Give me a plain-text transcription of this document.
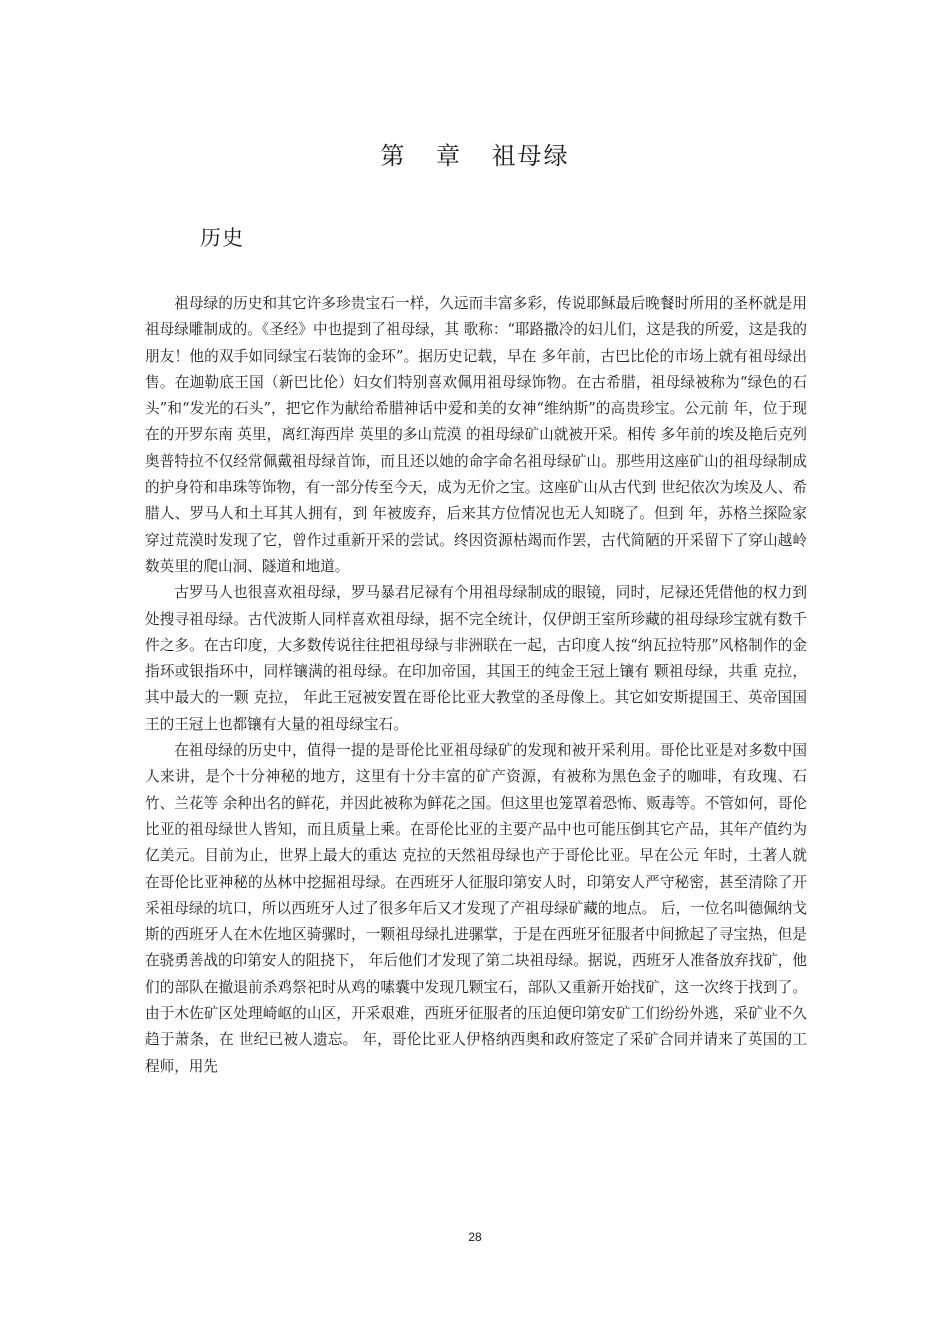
第 章 祖母绿
历史

祖母绿的历史和其它许多珍贵宝石一样，久远而丰富多彩，传说耶稣最后晚餐时所用的圣杯就是用祖母绿雕制成的。《圣经》中也提到了祖母绿，其 歌称：“耶路撒冷的妇儿们，这是我的所爱，这是我的朋友！他的双手如同绿宝石装饰的金环”。据历史记载，早在 多年前，古巴比伦的市场上就有祖母绿出售。在迦勒底王国（新巴比伦）妇女们特别喜欢佩用祖母绿饰物。在古希腊，祖母绿被称为“绿色的石头”和“发光的石头”，把它作为献给希腊神话中爱和美的女神“维纳斯”的高贵珍宝。公元前 年，位于现在的开罗东南 英里，离红海西岸 英里的多山荒漠 的祖母绿矿山就被开采。相传 多年前的埃及艳后克列奥普特拉不仅经常佩戴祖母绿首饰，而且还以她的命字命名祖母绿矿山。那些用这座矿山的祖母绿制成的护身符和串珠等饰物，有一部分传至今天，成为无价之宝。这座矿山从古代到 世纪依次为埃及人、希腊人、罗马人和土耳其人拥有，到 年被废弃，后来其方位情况也无人知晓了。但到 年，苏格兰探险家穿过荒漠时发现了它，曾作过重新开采的尝试。终因资源枯竭而作罢，古代简陋的开采留下了穿山越岭数英里的爬山洞、隧道和地道。

古罗马人也很喜欢祖母绿，罗马暴君尼禄有个用祖母绿制成的眼镜，同时，尼禄还凭借他的权力到处搜寻祖母绿。古代波斯人同样喜欢祖母绿，据不完全统计，仅伊朗王室所珍藏的祖母绿珍宝就有数千件之多。在古印度，大多数传说往往把祖母绿与非洲联在一起，古印度人按“纳瓦拉特那”风格制作的金指环或银指环中，同样镶满的祖母绿。在印加帝国，其国王的纯金王冠上镶有 颗祖母绿，共重 克拉，其中最大的一颗 克拉， 年此王冠被安置在哥伦比亚大教堂的圣母像上。其它如安斯提国王、英帝国国王的王冠上也都镶有大量的祖母绿宝石。

在祖母绿的历史中，值得一提的是哥伦比亚祖母绿矿的发现和被开采利用。哥伦比亚是对多数中国人来讲，是个十分神秘的地方，这里有十分丰富的矿产资源，有被称为黑色金子的咖啡，有玫瑰、石竹、兰花等 余种出名的鲜花，并因此被称为鲜花之国。但这里也笼罩着恐怖、贩毒等。不管如何，哥伦比亚的祖母绿世人皆知，而且质量上乘。在哥伦比亚的主要产品中也可能压倒其它产品，其年产值约为 亿美元。目前为止，世界上最大的重达 克拉的天然祖母绿也产于哥伦比亚。早在公元 年时，土著人就在哥伦比亚神秘的丛林中挖掘祖母绿。在西班牙人征服印第安人时，印第安人严守秘密，甚至清除了开采祖母绿的坑口，所以西班牙人过了很多年后又才发现了产祖母绿矿藏的地点。 后，一位名叫德佩纳戈斯的西班牙人在木佐地区骑骡时，一颗祖母绿扎进骡掌，于是在西班牙征服者中间掀起了寻宝热，但是在骁勇善战的印第安人的阻挠下， 年后他们才发现了第二块祖母绿。据说，西班牙人准备放弃找矿，他们的部队在撤退前杀鸡祭祀时从鸡的嗉囊中发现几颗宝石，部队又重新开始找矿，这一次终于找到了。由于木佐矿区处理崎岖的山区，开采艰难，西班牙征服者的压迫便印第安矿工们纷纷外逃，采矿业不久趋于萧条，在 世纪已被人遗忘。 年，哥伦比亚人伊格纳西奥和政府签定了采矿合同并请来了英国的工程师，用先

28
